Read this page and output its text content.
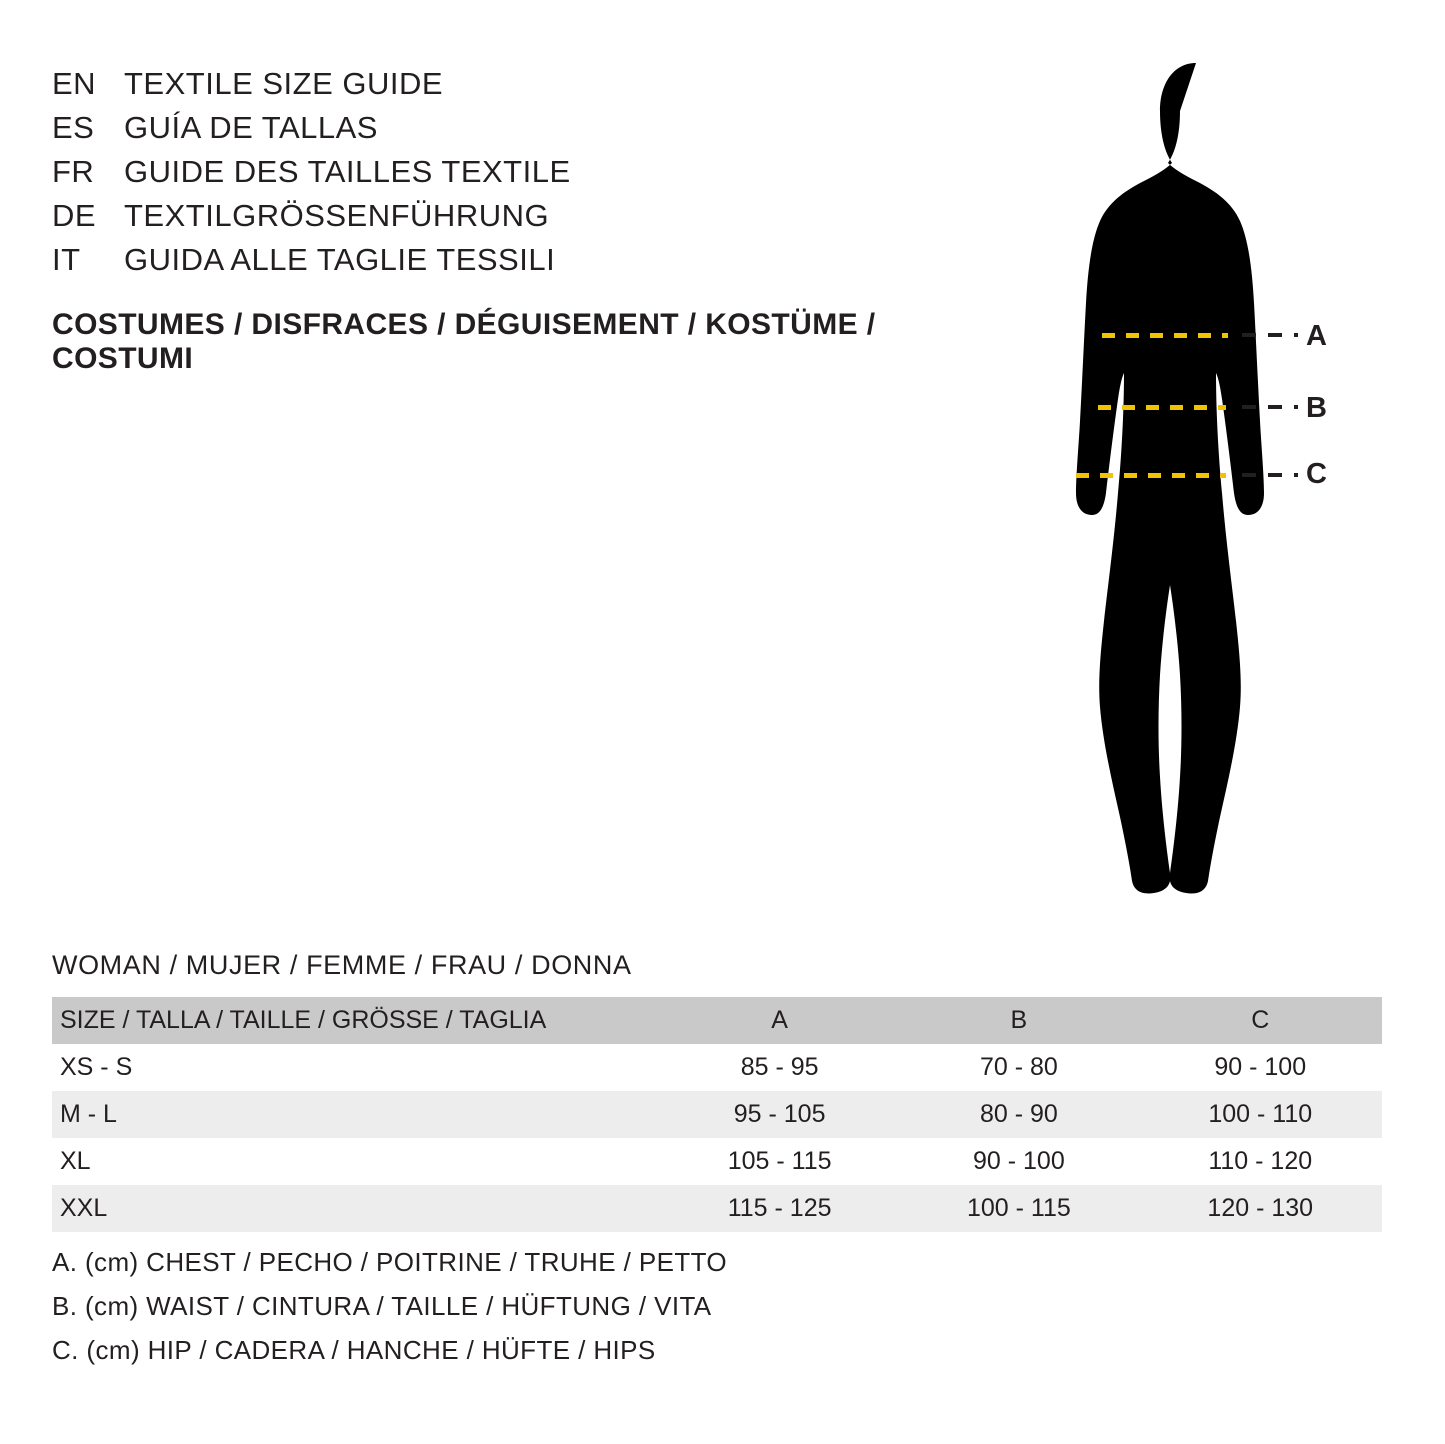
EN TEXTILE SIZE GUIDE
ES GUÍA DE TALLAS
FR GUIDE DES TAILLES TEXTILE
DE TEXTILGRÖSSENFÜHRUNG
IT	GUIDA ALLE TAGLIE TESSILI
COSTUMES / DISFRACES / DÉGUISEMENT / KOSTÜME / COSTUMI
A
B
C
WOMAN / MUJER / FEMME / FRAU / DONNA
SIZE / TALLA / TAILLE / GRÖSSE / TAGLIA	A	B	C
XS - S	85 - 95	70 - 80	90 - 100
M - L	95 - 105	80 - 90	100 - 110
XL	105 - 115	90 - 100	110 - 120
XXL	115 - 125	100 - 115	120 - 130
A. (cm) CHEST / PECHO / POITRINE / TRUHE / PETTO
B. (cm) WAIST / CINTURA / TAILLE / HÜFTUNG / VITA
C. (cm) HIP / CADERA / HANCHE / HÜFTE / HIPS
